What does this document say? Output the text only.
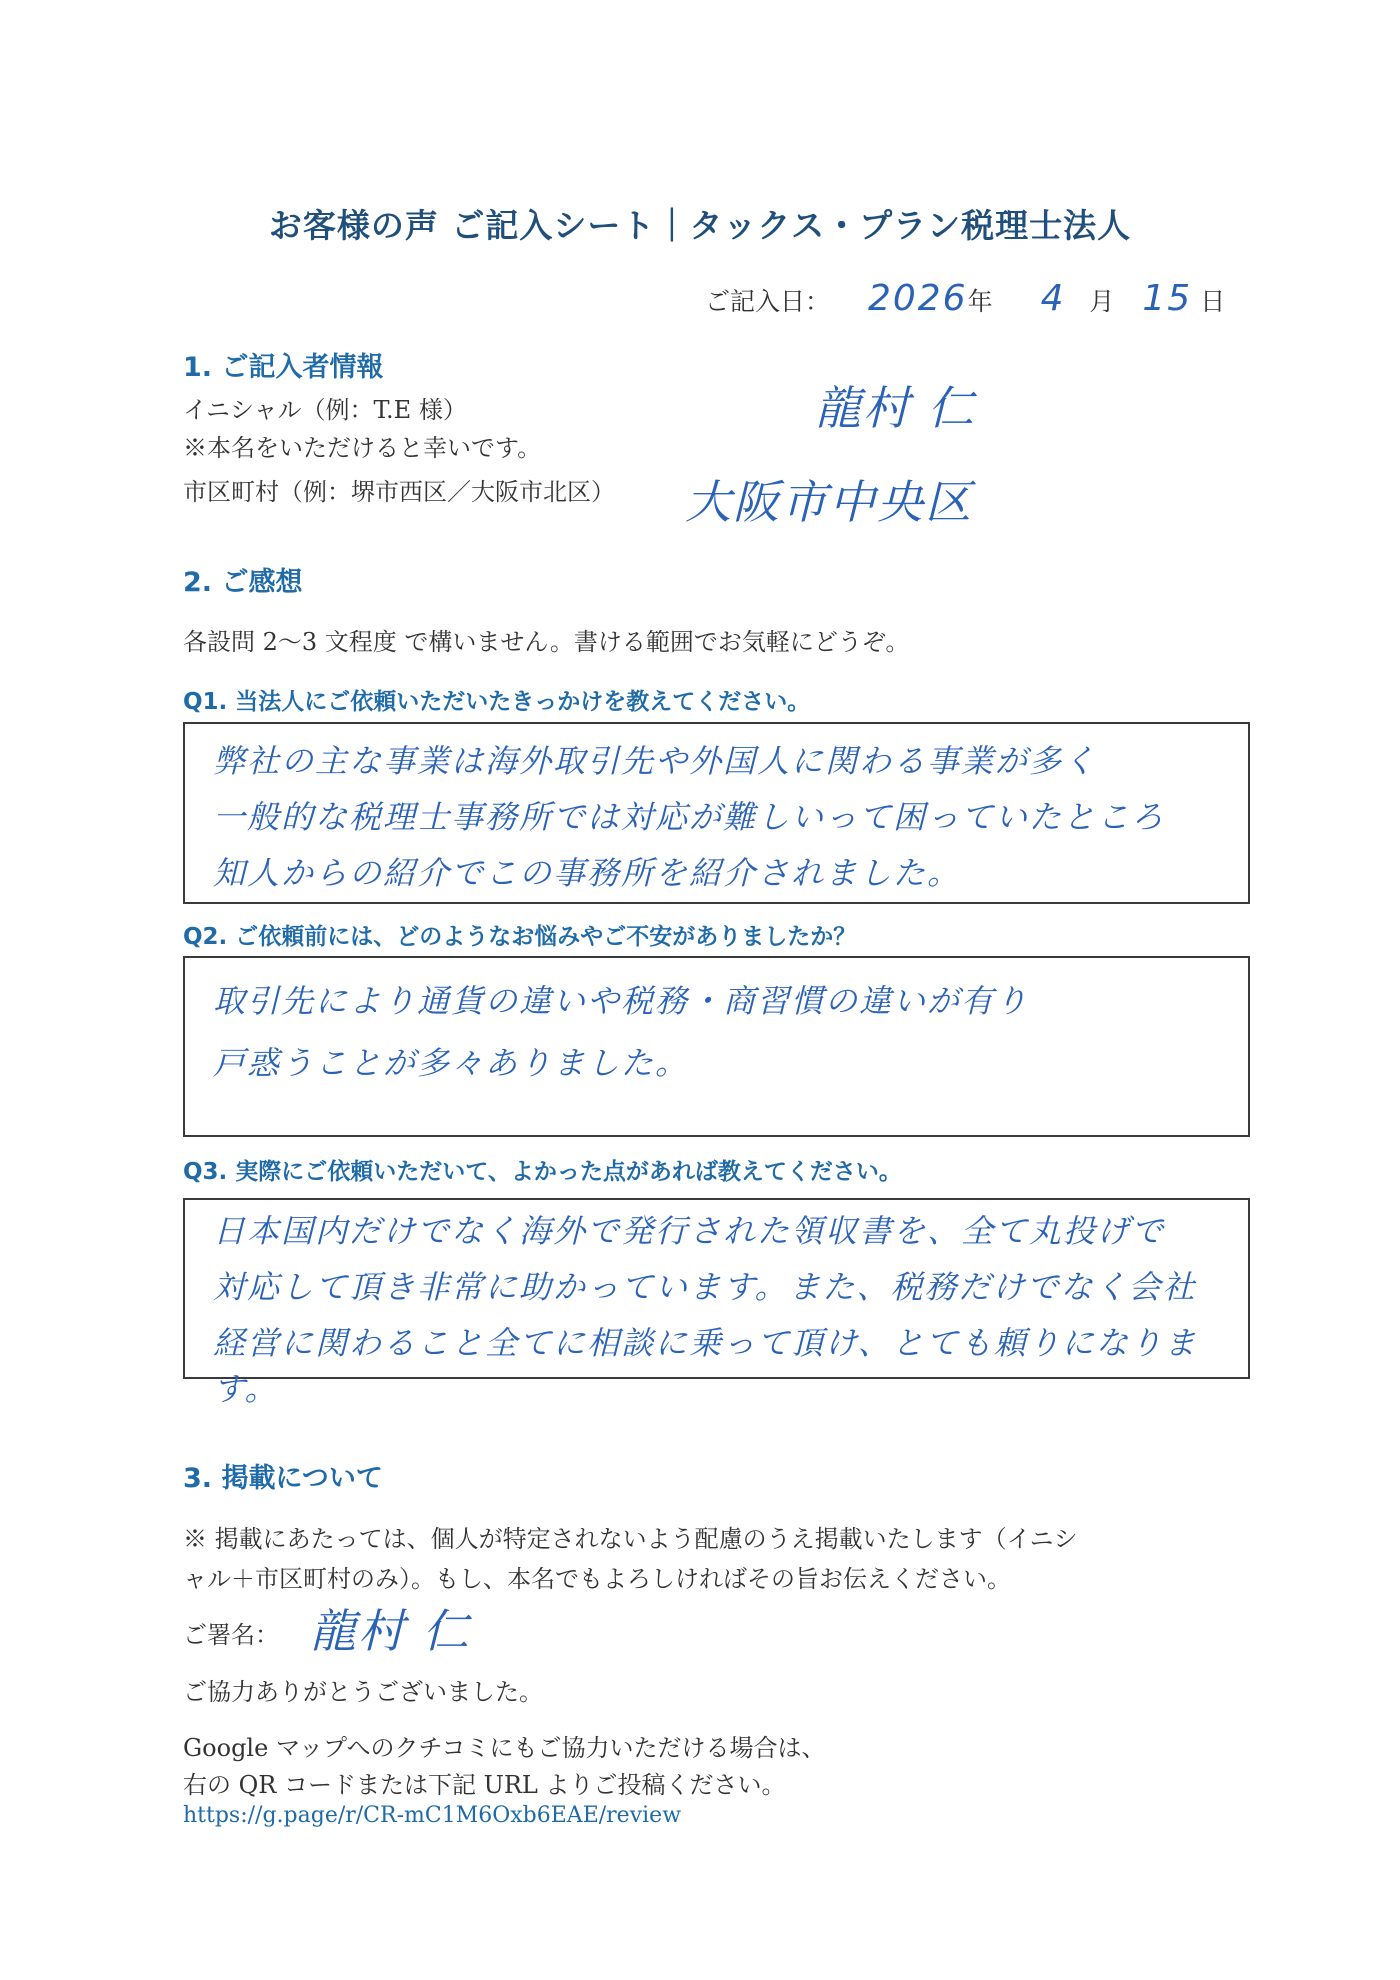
お客様の声 ご記入シート｜タックス・プラン税理士法人
ご記入日： 2026年 4 月 15 日
1. ご記入者情報
イニシャル（例：T.E 様）
※本名をいただけると幸いです。
龍村 仁
市区町村（例：堺市西区／大阪市北区） 大阪市中央区
2. ご感想
各設問 2〜3 文程度 で構いません。書ける範囲でお気軽にどうぞ。
Q1. 当法人にご依頼いただいたきっかけを教えてください。
弊社の主な事業は海外取引先や外国人に関わる事業が多く
一般的な税理士事務所では対応が難しいって困っていたところ
知人からの紹介でこの事務所を紹介されました。
Q2. ご依頼前には、どのようなお悩みやご不安がありましたか？
取引先により通貨の違いや税務・商習慣の違いが有り
戸惑うことが多々ありました。
Q3. 実際にご依頼いただいて、よかった点があれば教えてください。
日本国内だけでなく海外で発行された領収書を、全て丸投げで
対応して頂き非常に助かっています。また、税務だけでなく会社
経営に関わること全てに相談に乗って頂け、とても頼りになります。
3. 掲載について
※ 掲載にあたっては、個人が特定されないよう配慮のうえ掲載いたします（イニシ
ャル＋市区町村のみ）。もし、本名でもよろしければその旨お伝えください。
ご署名： 龍村 仁
ご協力ありがとうございました。
Google マップへのクチコミにもご協力いただける場合は、
右の QR コードまたは下記 URL よりご投稿ください。
https://g.page/r/CR-mC1M6Oxb6EAE/review
